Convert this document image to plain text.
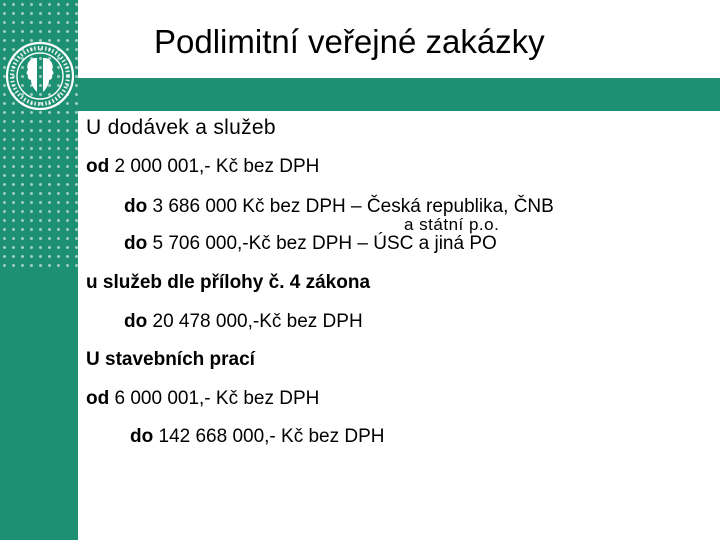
Podlimitní veřejné zakázky
U dodávek a služeb
od 2 000 001,- Kč bez DPH
do 3 686 000 Kč bez DPH – Česká republika, ČNB
a státní p.o.
do 5 706 000,-Kč bez DPH – ÚSC a jiná PO
u služeb dle přílohy č. 4 zákona
do 20 478 000,-Kč bez DPH
U stavebních prací
od 6 000 001,- Kč bez DPH
do 142 668 000,- Kč bez DPH
